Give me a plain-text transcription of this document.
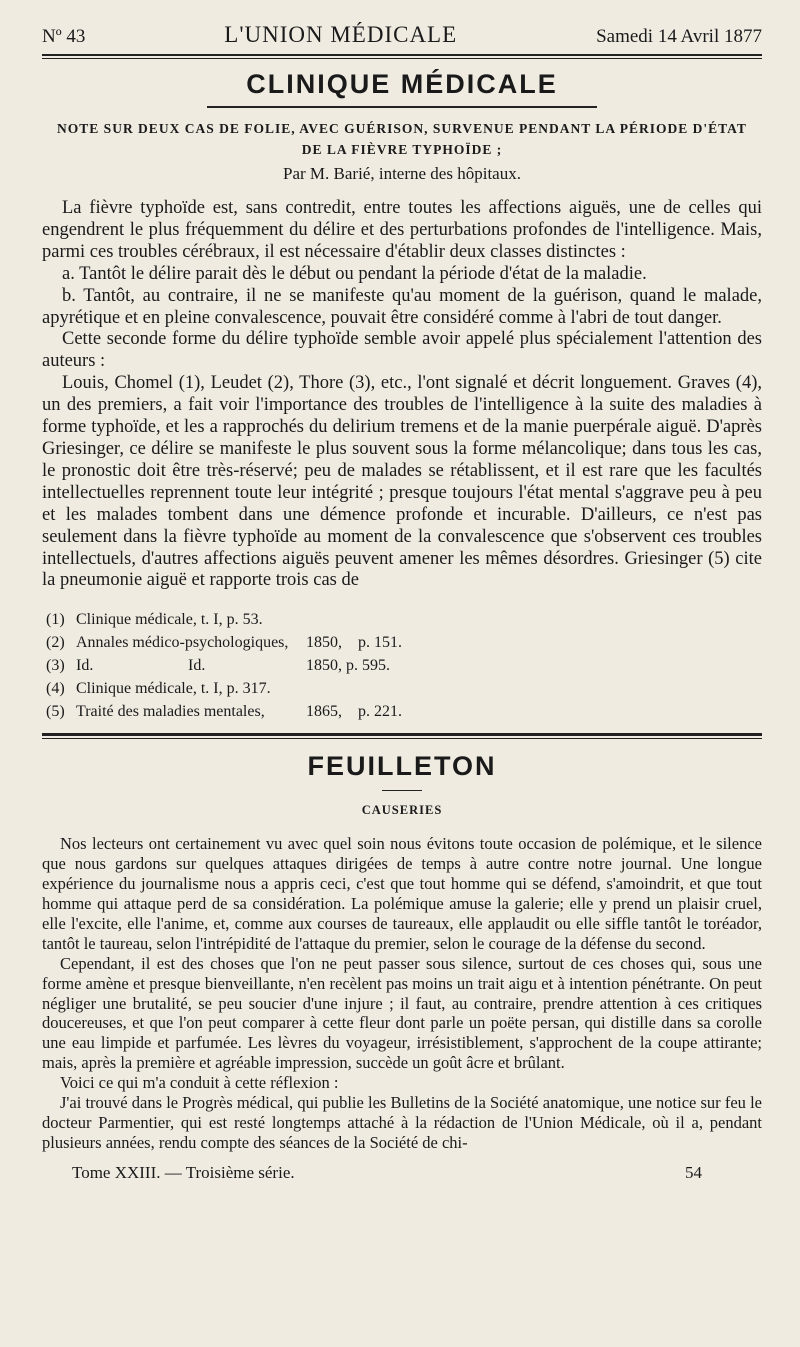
Nº 43	L'UNION MÉDICALE	Samedi 14 Avril 1877
CLINIQUE MÉDICALE
NOTE SUR DEUX CAS DE FOLIE, AVEC GUÉRISON, SURVENUE PENDANT LA PÉRIODE D'ÉTAT DE LA FIÈVRE TYPHOÏDE ;
Par M. Barié, interne des hôpitaux.

La fièvre typhoïde est, sans contredit, entre toutes les affections aiguës, une de celles qui engendrent le plus fréquemment du délire et des perturbations profondes de l'intelligence. Mais, parmi ces troubles cérébraux, il est nécessaire d'établir deux classes distinctes :

a. Tantôt le délire parait dès le début ou pendant la période d'état de la maladie.

b. Tantôt, au contraire, il ne se manifeste qu'au moment de la guérison, quand le malade, apyrétique et en pleine convalescence, pouvait être considéré comme à l'abri de tout danger.

Cette seconde forme du délire typhoïde semble avoir appelé plus spécialement l'attention des auteurs :

Louis, Chomel (1), Leudet (2), Thore (3), etc., l'ont signalé et décrit longuement. Graves (4), un des premiers, a fait voir l'importance des troubles de l'intelligence à la suite des maladies à forme typhoïde, et les a rapprochés du delirium tremens et de la manie puerpérale aiguë. D'après Griesinger, ce délire se manifeste le plus souvent sous la forme mélancolique; dans tous les cas, le pronostic doit être très-réservé; peu de malades se rétablissent, et il est rare que les facultés intellectuelles reprennent toute leur intégrité ; presque toujours l'état mental s'aggrave peu à peu et les malades tombent dans une démence profonde et incurable. D'ailleurs, ce n'est pas seulement dans la fièvre typhoïde au moment de la convalescence que s'observent ces troubles intellectuels, d'autres affections aiguës peuvent amener les mêmes désordres. Griesinger (5) cite la pneumonie aiguë et rapporte trois cas de

(1) Clinique médicale, t. I, p. 53.
(2) Annales médico-psychologiques,	1850,	p. 151.
(3) Id.	Id.	1850, p. 595.
(4) Clinique médicale, t. I, p. 317.
(5) Traité des maladies mentales,	1865,	p. 221.
FEUILLETON
CAUSERIES

Nos lecteurs ont certainement vu avec quel soin nous évitons toute occasion de polémique, et le silence que nous gardons sur quelques attaques dirigées de temps à autre contre notre journal. Une longue expérience du journalisme nous a appris ceci, c'est que tout homme qui se défend, s'amoindrit, et que tout homme qui attaque perd de sa considération. La polémique amuse la galerie; elle y prend un plaisir cruel, elle l'excite, elle l'anime, et, comme aux courses de taureaux, elle applaudit ou elle siffle tantôt le toréador, tantôt le taureau, selon l'intrépidité de l'attaque du premier, selon le courage de la défense du second.

Cependant, il est des choses que l'on ne peut passer sous silence, surtout de ces choses qui, sous une forme amène et presque bienveillante, n'en recèlent pas moins un trait aigu et à intention pénétrante. On peut négliger une brutalité, se peu soucier d'une injure ; il faut, au contraire, prendre attention à ces critiques doucereuses, et que l'on peut comparer à cette fleur dont parle un poëte persan, qui distille dans sa corolle une eau limpide et parfumée. Les lèvres du voyageur, irrésistiblement, s'approchent de la coupe attirante; mais, après la première et agréable impression, succède un goût âcre et brûlant.

Voici ce qui m'a conduit à cette réflexion :

J'ai trouvé dans le Progrès médical, qui publie les Bulletins de la Société anatomique, une notice sur feu le docteur Parmentier, qui est resté longtemps attaché à la rédaction de l'Union Médicale, où il a, pendant plusieurs années, rendu compte des séances de la Société de chi-

Tome XXIII. — Troisième série.	54
